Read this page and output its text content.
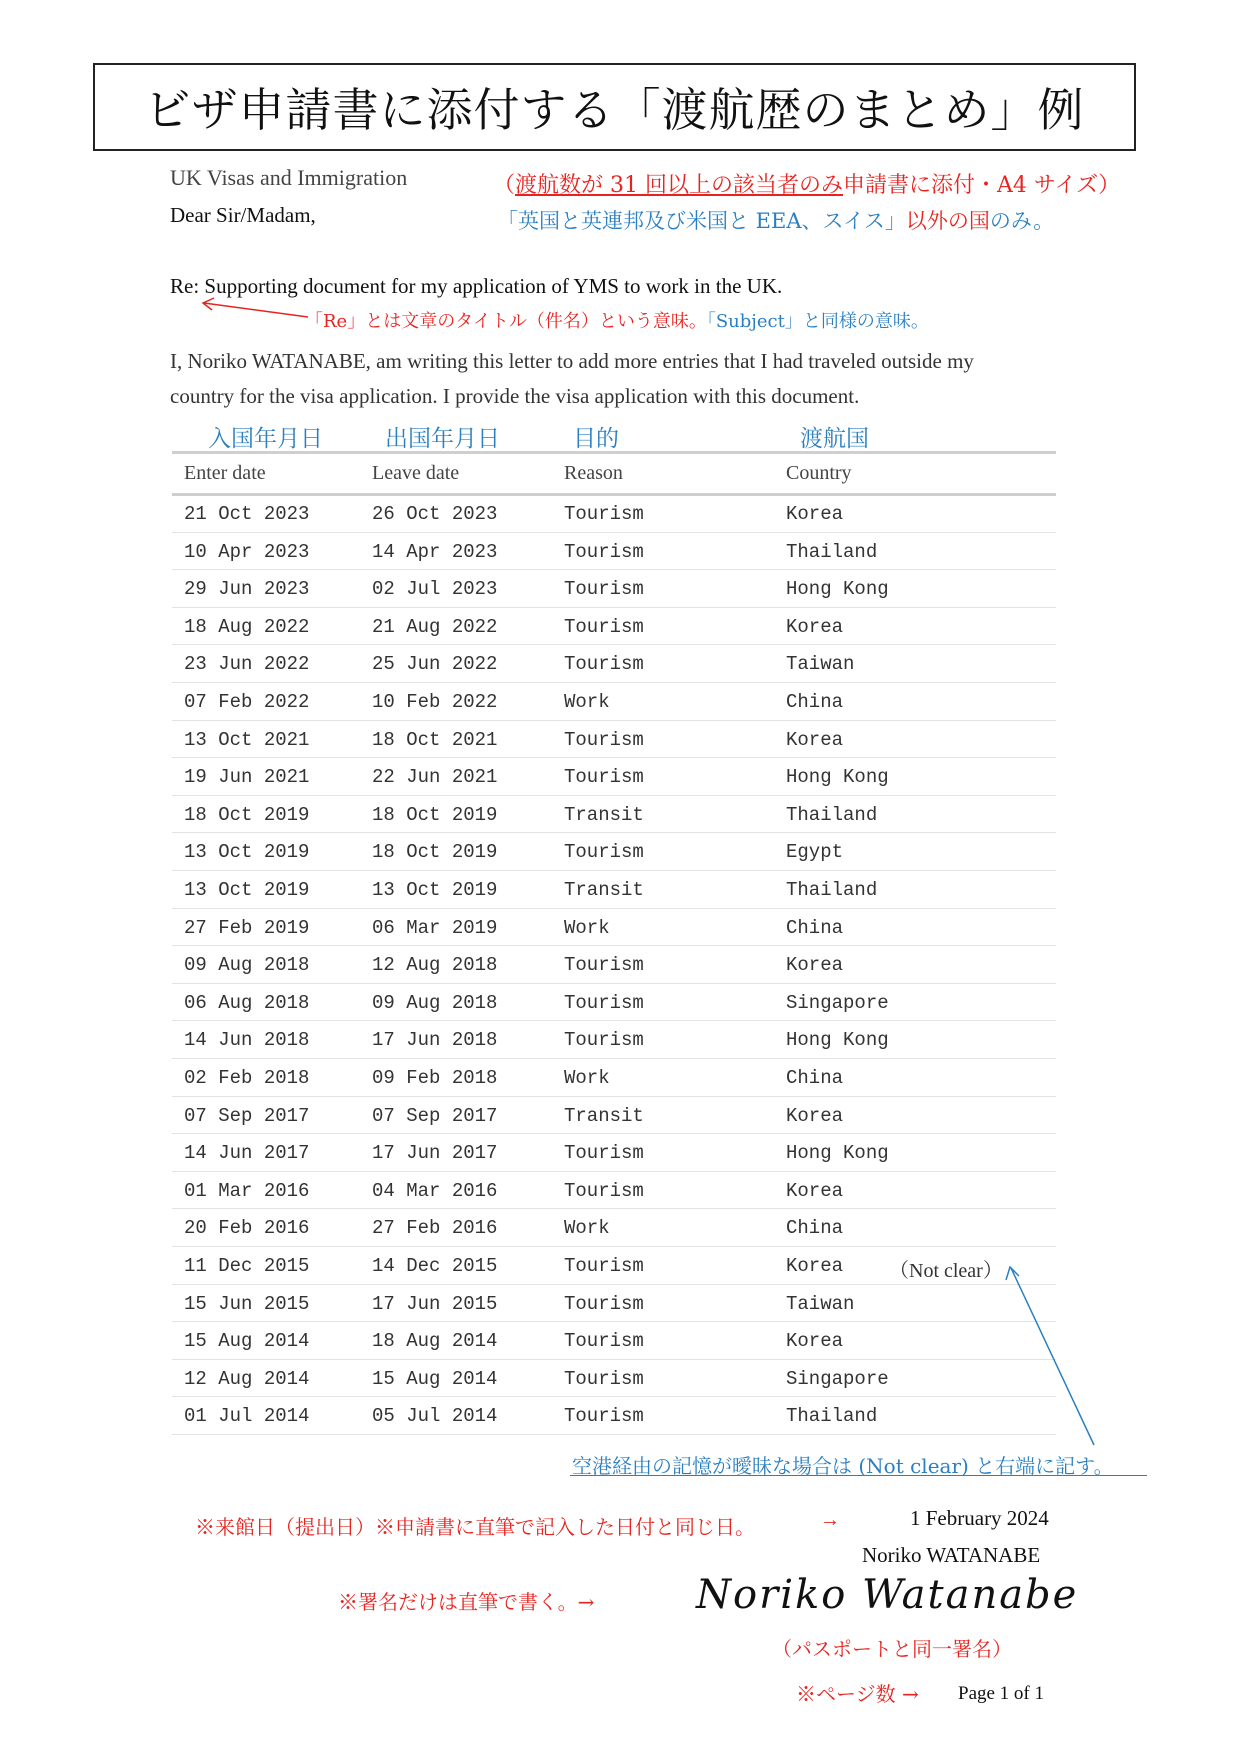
ビザ申請書に添付する「渡航歴のまとめ」例
UK Visas and Immigration
Dear Sir/Madam,
（渡航数が 31 回以上の該当者のみ申請書に添付・A4 サイズ）
「英国と英連邦及び米国と EEA、スイス」以外の国のみ。
Re: Supporting document for my application of YMS to work in the UK.
「Re」とは文章のタイトル（件名）という意味。「Subject」と同様の意味。
I, Noriko WATANABE, am writing this letter to add more entries that I had traveled outside my
country for the visa application. I provide the visa application with this document.
入国年月日	出国年月日	目的	渡航国
Enter date	Leave date	Reason	Country
21 Oct 2023	26 Oct 2023	Tourism	Korea
10 Apr 2023	14 Apr 2023	Tourism	Thailand
29 Jun 2023	02 Jul 2023	Tourism	Hong Kong
18 Aug 2022	21 Aug 2022	Tourism	Korea
23 Jun 2022	25 Jun 2022	Tourism	Taiwan
07 Feb 2022	10 Feb 2022	Work	China
13 Oct 2021	18 Oct 2021	Tourism	Korea
19 Jun 2021	22 Jun 2021	Tourism	Hong Kong
18 Oct 2019	18 Oct 2019	Transit	Thailand
13 Oct 2019	18 Oct 2019	Tourism	Egypt
13 Oct 2019	13 Oct 2019	Transit	Thailand
27 Feb 2019	06 Mar 2019	Work	China
09 Aug 2018	12 Aug 2018	Tourism	Korea
06 Aug 2018	09 Aug 2018	Tourism	Singapore
14 Jun 2018	17 Jun 2018	Tourism	Hong Kong
02 Feb 2018	09 Feb 2018	Work	China
07 Sep 2017	07 Sep 2017	Transit	Korea
14 Jun 2017	17 Jun 2017	Tourism	Hong Kong
01 Mar 2016	04 Mar 2016	Tourism	Korea
20 Feb 2016	27 Feb 2016	Work	China
11 Dec 2015	14 Dec 2015	Tourism	Korea （Not clear）
15 Jun 2015	17 Jun 2015	Tourism	Taiwan
15 Aug 2014	18 Aug 2014	Tourism	Korea
12 Aug 2014	15 Aug 2014	Tourism	Singapore
01 Jul 2014	05 Jul 2014	Tourism	Thailand
空港経由の記憶が曖昧な場合は (Not clear) と右端に記す。
※来館日（提出日）※申請書に直筆で記入した日付と同じ日。	→	1 February 2024
Noriko WATANABE
※署名だけは直筆で書く。→	Noriko Watanabe
（パスポートと同一署名）
※ページ数 → Page 1 of 1
